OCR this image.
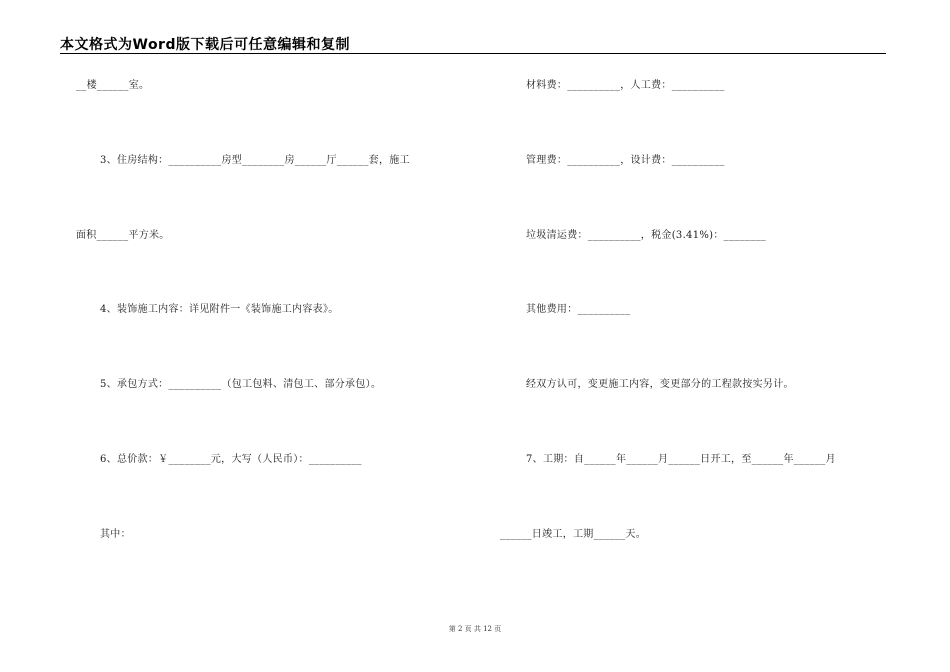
本文格式为Word版下载后可任意编辑和复制
__楼______室。
3、住房结构：__________房型________房______厅______套，施工
面积______平方米。
4、装饰施工内容：详见附件一《装饰施工内容表》。
5、承包方式：__________（包工包料、清包工、部分承包）。
6、总价款：￥________元，大写（人民币）：__________
其中：
材料费：__________，人工费：__________
管理费：__________，设计费：__________
垃圾清运费：__________，税金(3.41%)：________
其他费用：__________
经双方认可，变更施工内容，变更部分的工程款按实另计。
7、工期：自______年______月______日开工，至______年______月
______日竣工，工期______天。
第 2 页 共 12 页
